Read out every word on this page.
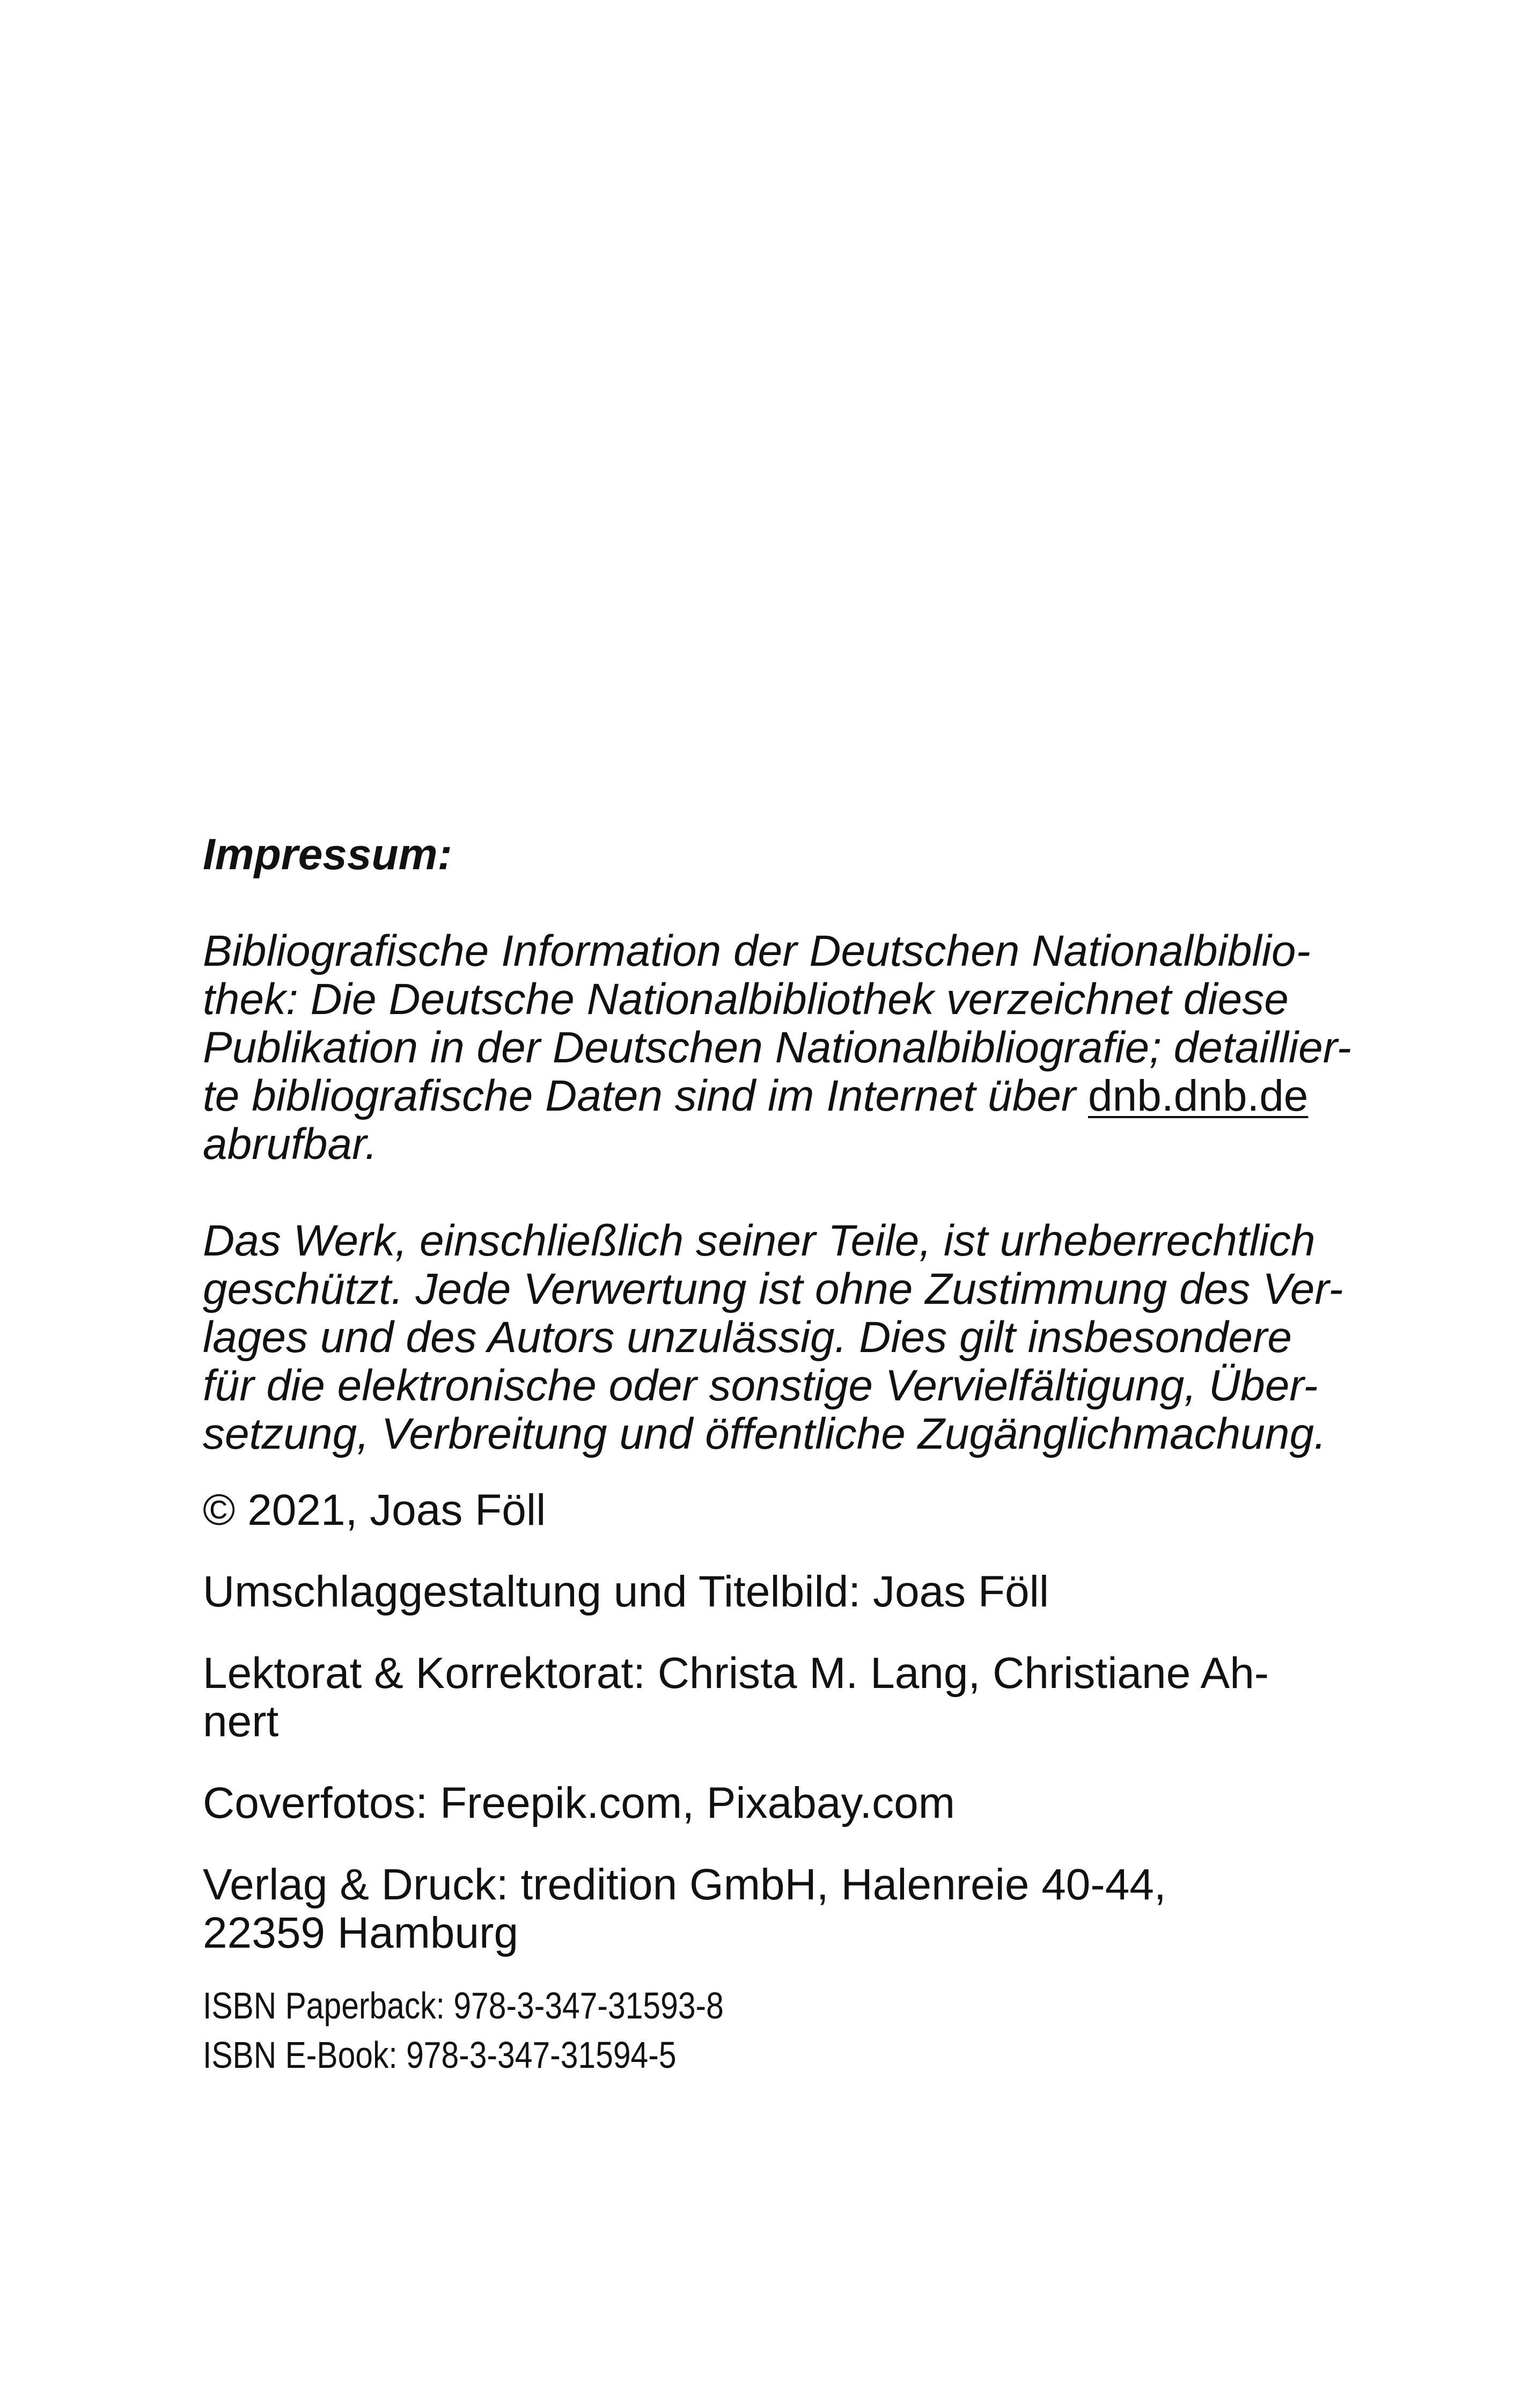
Impressum:
Bibliografische Information der Deutschen Nationalbiblio-
thek: Die Deutsche Nationalbibliothek verzeichnet diese
Publikation in der Deutschen Nationalbibliografie; detaillier-
te bibliografische Daten sind im Internet über dnb.dnb.de
abrufbar.
Das Werk, einschließlich seiner Teile, ist urheberrechtlich
geschützt. Jede Verwertung ist ohne Zustimmung des Ver-
lages und des Autors unzulässig. Dies gilt insbesondere
für die elektronische oder sonstige Vervielfältigung, Über-
setzung, Verbreitung und öffentliche Zugänglichmachung.
© 2021, Joas Föll
Umschlaggestaltung und Titelbild: Joas Föll
Lektorat & Korrektorat: Christa M. Lang, Christiane Ah-
nert
Coverfotos: Freepik.com, Pixabay.com
Verlag & Druck: tredition GmbH, Halenreie 40-44,
22359 Hamburg
ISBN Paperback: 978-3-347-31593-8
ISBN E-Book: 978-3-347-31594-5
